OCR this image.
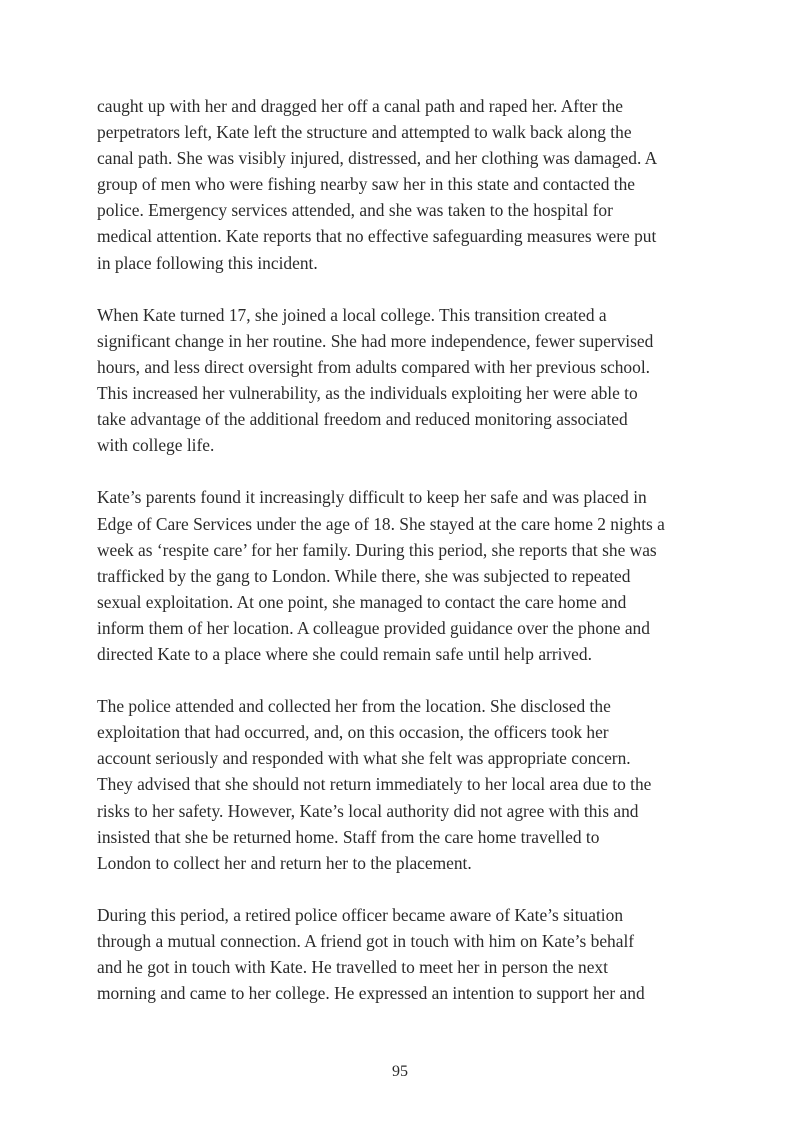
caught up with her and dragged her off a canal path and raped her. After the
perpetrators left, Kate left the structure and attempted to walk back along the
canal path. She was visibly injured, distressed, and her clothing was damaged. A
group of men who were fishing nearby saw her in this state and contacted the
police. Emergency services attended, and she was taken to the hospital for
medical attention. Kate reports that no effective safeguarding measures were put
in place following this incident.

When Kate turned 17, she joined a local college. This transition created a
significant change in her routine. She had more independence, fewer supervised
hours, and less direct oversight from adults compared with her previous school.
This increased her vulnerability, as the individuals exploiting her were able to
take advantage of the additional freedom and reduced monitoring associated
with college life.

Kate’s parents found it increasingly difficult to keep her safe and was placed in
Edge of Care Services under the age of 18. She stayed at the care home 2 nights a
week as ‘respite care’ for her family. During this period, she reports that she was
trafficked by the gang to London. While there, she was subjected to repeated
sexual exploitation. At one point, she managed to contact the care home and
inform them of her location. A colleague provided guidance over the phone and
directed Kate to a place where she could remain safe until help arrived.

The police attended and collected her from the location. She disclosed the
exploitation that had occurred, and, on this occasion, the officers took her
account seriously and responded with what she felt was appropriate concern.
They advised that she should not return immediately to her local area due to the
risks to her safety. However, Kate’s local authority did not agree with this and
insisted that she be returned home. Staff from the care home travelled to
London to collect her and return her to the placement.

During this period, a retired police officer became aware of Kate’s situation
through a mutual connection. A friend got in touch with him on Kate’s behalf
and he got in touch with Kate. He travelled to meet her in person the next
morning and came to her college. He expressed an intention to support her and

95
